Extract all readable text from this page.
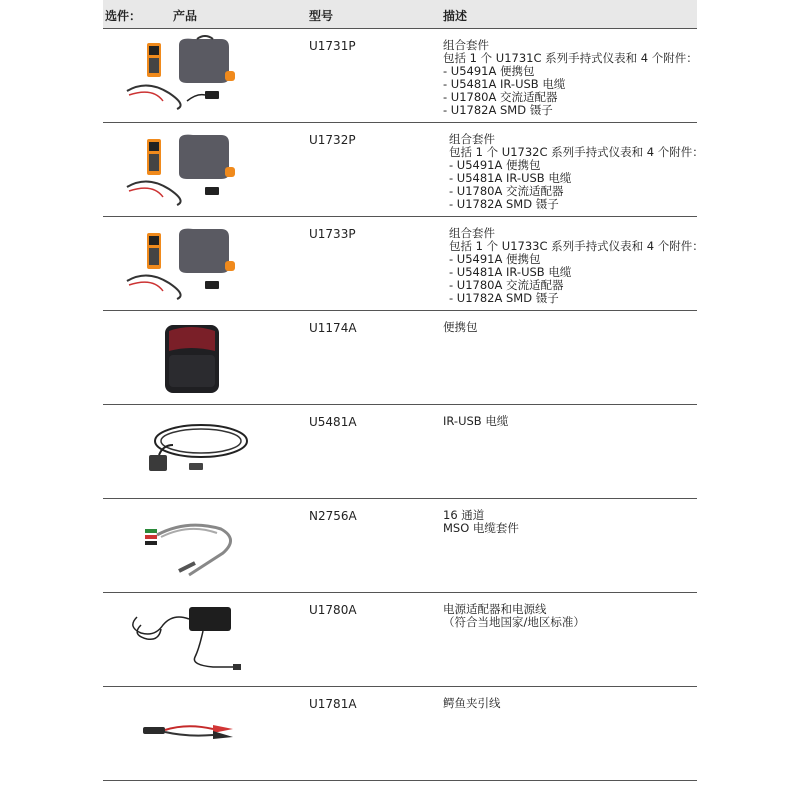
选件：	产品	型号	描述
U1731P	组合套件
包括 1 个 U1731C 系列手持式仪表和 4 个附件：
- U5491A 便携包
- U5481A IR-USB 电缆
- U1780A 交流适配器
- U1782A SMD 镊子
U1732P	组合套件
包括 1 个 U1732C 系列手持式仪表和 4 个附件：
- U5491A 便携包
- U5481A IR-USB 电缆
- U1780A 交流适配器
- U1782A SMD 镊子
U1733P	组合套件
包括 1 个 U1733C 系列手持式仪表和 4 个附件：
- U5491A 便携包
- U5481A IR-USB 电缆
- U1780A 交流适配器
- U1782A SMD 镊子
U1174A	便携包
U5481A	IR-USB 电缆
N2756A	16 通道
MSO 电缆套件
U1780A	电源适配器和电源线
（符合当地国家/地区标准）
U1781A	鳄鱼夹引线
